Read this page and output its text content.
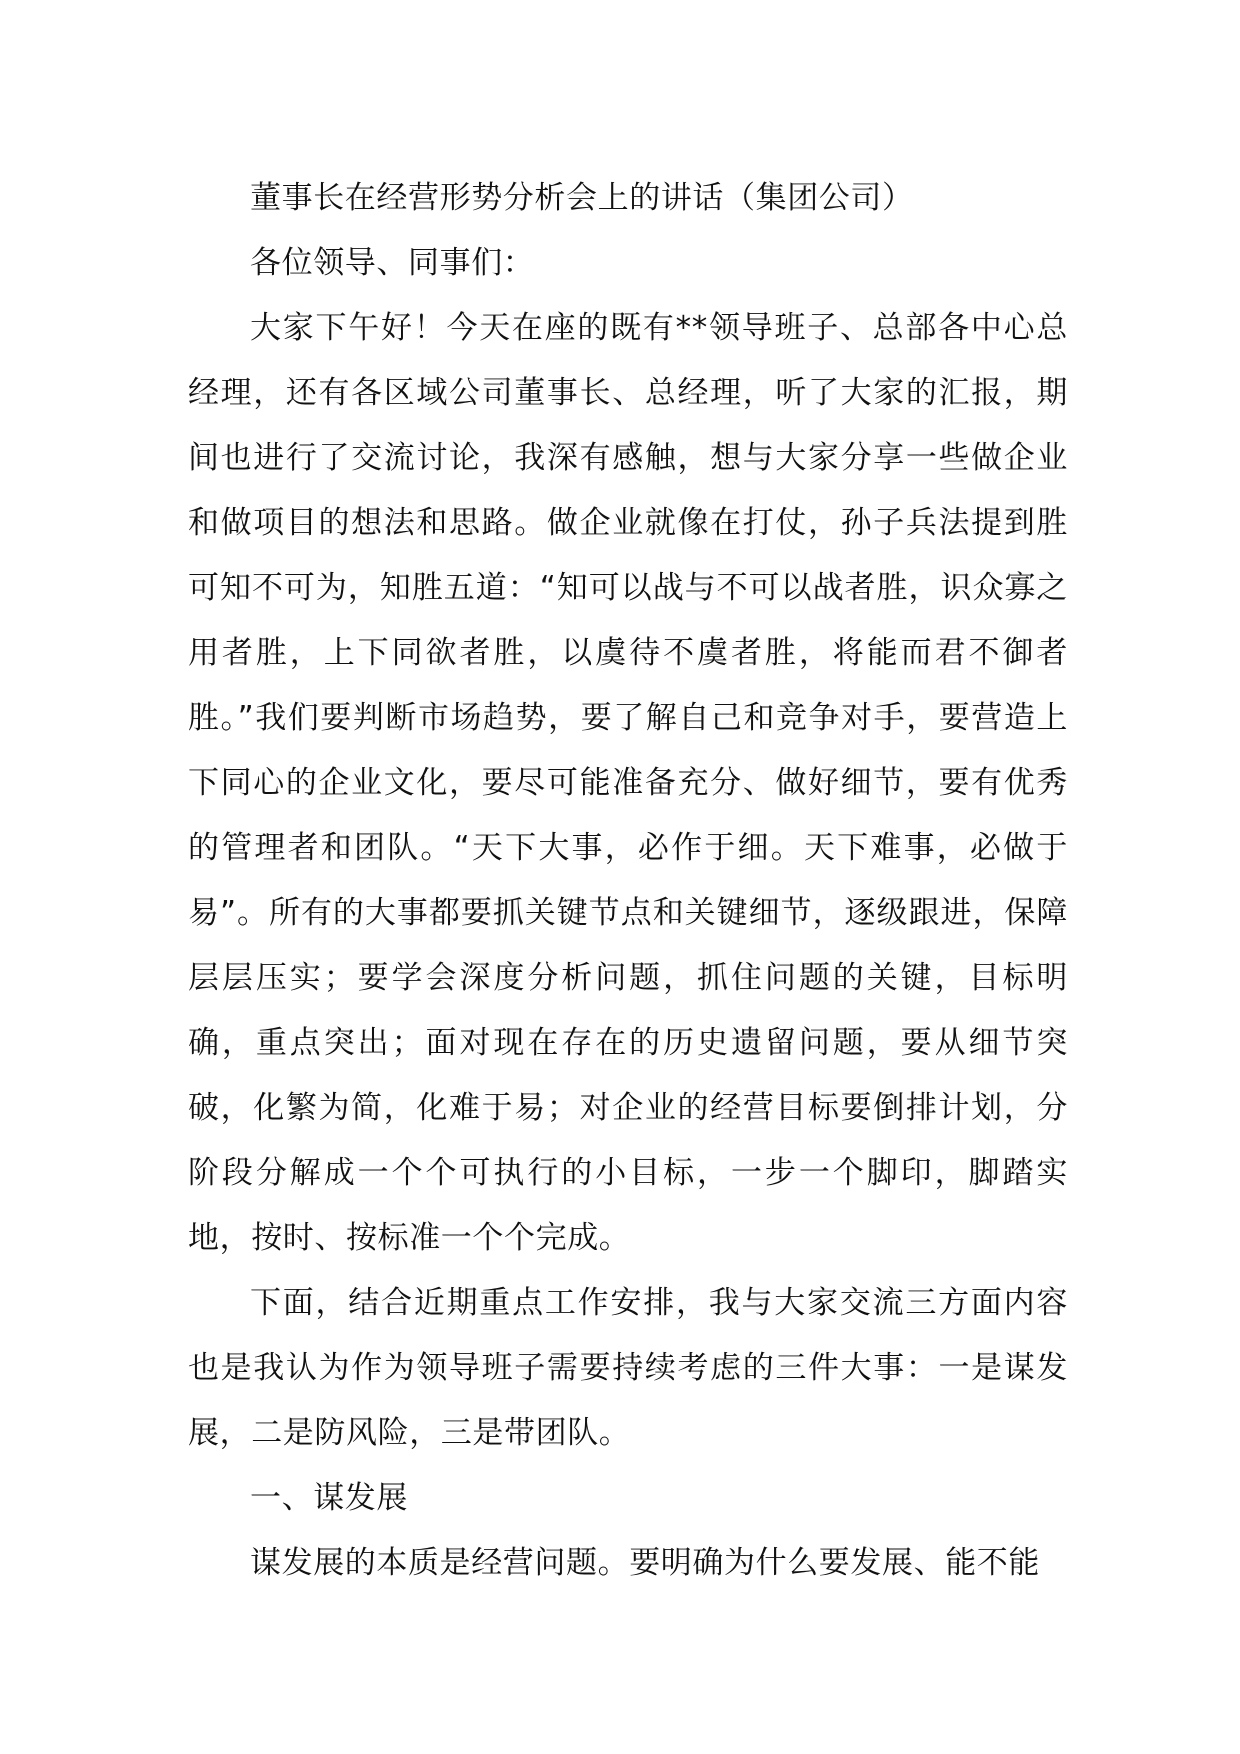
董事长在经营形势分析会上的讲话（集团公司）

各位领导、同事们：

大家下午好！今天在座的既有**领导班子、总部各中心总经理，还有各区域公司董事长、总经理，听了大家的汇报，期间也进行了交流讨论，我深有感触，想与大家分享一些做企业和做项目的想法和思路。做企业就像在打仗，孙子兵法提到胜可知不可为，知胜五道：“知可以战与不可以战者胜，识众寡之用者胜，上下同欲者胜，以虞待不虞者胜，将能而君不御者胜。”我们要判断市场趋势，要了解自己和竞争对手，要营造上下同心的企业文化，要尽可能准备充分、做好细节，要有优秀的管理者和团队。“天下大事，必作于细。天下难事，必做于易”。所有的大事都要抓关键节点和关键细节，逐级跟进，保障层层压实；要学会深度分析问题，抓住问题的关键，目标明确，重点突出；面对现在存在的历史遗留问题，要从细节突破，化繁为简，化难于易；对企业的经营目标要倒排计划，分阶段分解成一个个可执行的小目标，一步一个脚印，脚踏实地，按时、按标准一个个完成。

下面，结合近期重点工作安排，我与大家交流三方面内容也是我认为作为领导班子需要持续考虑的三件大事：一是谋发展，二是防风险，三是带团队。

一、谋发展

谋发展的本质是经营问题。要明确为什么要发展、能不能
